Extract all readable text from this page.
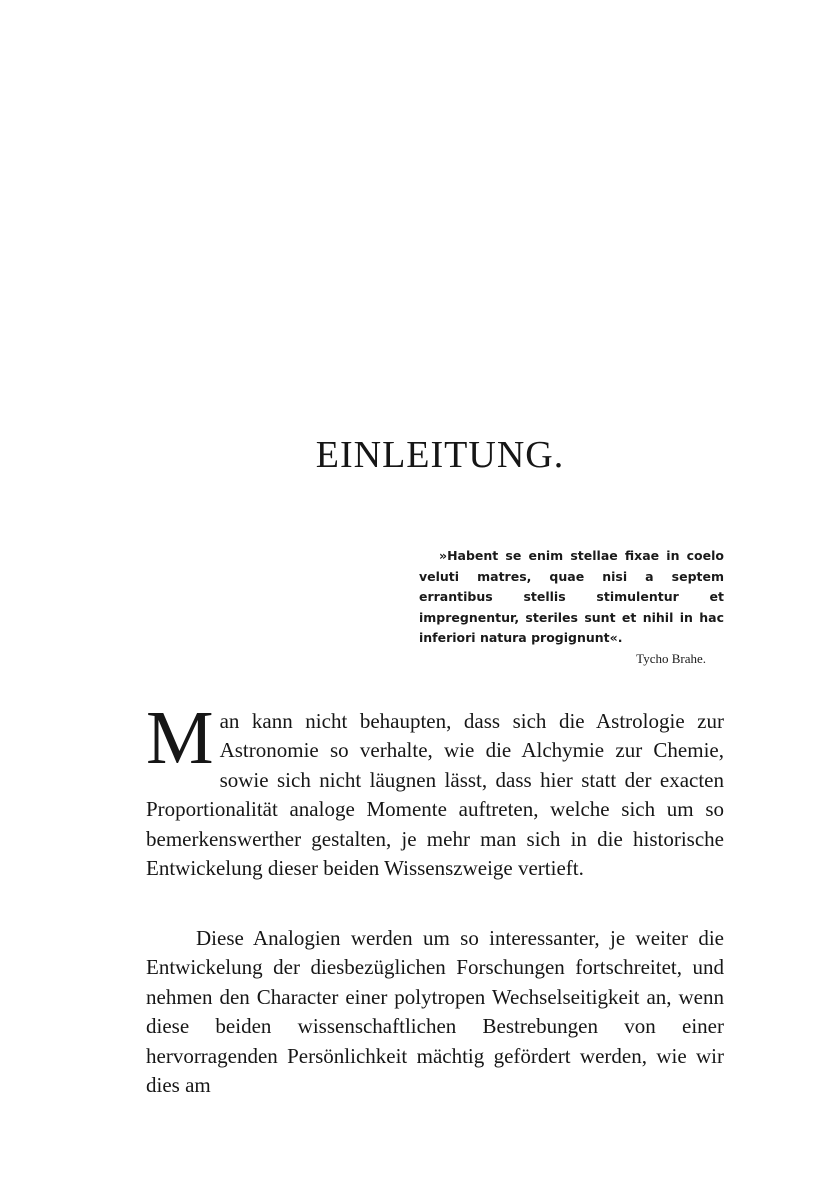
EINLEITUNG.
»Habent se enim stellae fixae in coelo veluti matres, quae nisi a septem errantibus stellis stimulentur et impregnentur, steriles sunt et nihil in hac inferiori natura progignunt«.
Tycho Brahe.

Man kann nicht behaupten, dass sich die Astrologie zur Astronomie so verhalte, wie die Alchymie zur Chemie, sowie sich nicht läugnen lässt, dass hier statt der exacten Proportionalität analoge Momente auftreten, welche sich um so bemerkenswerther gestalten, je mehr man sich in die historische Entwickelung dieser beiden Wissenszweige vertieft.

Diese Analogien werden um so interessanter, je weiter die Entwickelung der diesbezüglichen Forschungen fortschreitet, und nehmen den Character einer polytropen Wechselseitigkeit an, wenn diese beiden wissenschaftlichen Bestrebungen von einer hervorragenden Persönlichkeit mächtig gefördert werden, wie wir dies am
